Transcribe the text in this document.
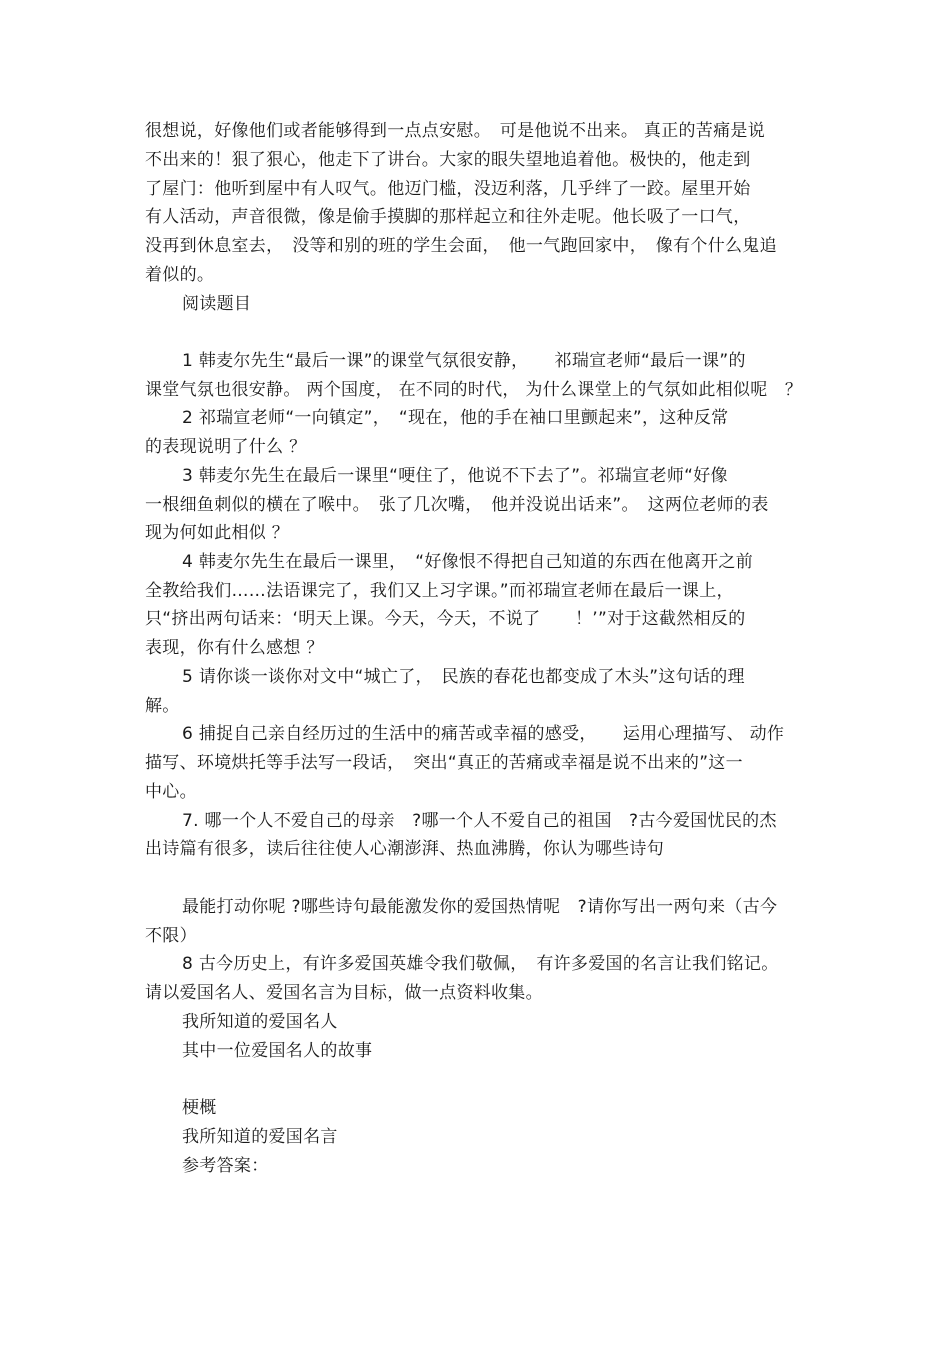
很想说，好像他们或者能够得到一点点安慰。　可是他说不出来。 真正的苦痛是说
不出来的！狠了狠心，他走下了讲台。大家的眼失望地追着他。极快的，他走到
了屋门：他听到屋中有人叹气。他迈门槛，没迈利落，几乎绊了一跤。屋里开始
有人活动，声音很微，像是偷手摸脚的那样起立和往外走呢。他长吸了一口气，
没再到休息室去，　没等和别的班的学生会面，　他一气跑回家中，　像有个什么鬼追
着似的。
阅读题目
1 韩麦尔先生“最后一课”的课堂气氛很安静，　　祁瑞宣老师“最后一课”的
课堂气氛也很安静。 两个国度， 在不同的时代， 为什么课堂上的气氛如此相似呢　？
2 祁瑞宣老师“一向镇定”，　“现在，他的手在袖口里颤起来”，这种反常
的表现说明了什么 ？
3 韩麦尔先生在最后一课里“哽住了，他说不下去了”。祁瑞宣老师“好像
一根细鱼刺似的横在了喉中。　张了几次嘴，　他并没说出话来”。　这两位老师的表
现为何如此相似 ？
4 韩麦尔先生在最后一课里，　“好像恨不得把自己知道的东西在他离开之前
全教给我们……法语课完了，我们又上习字课。”而祁瑞宣老师在最后一课上，
只“挤出两句话来：‘明天上课。今天，今天，不说了　　！’”对于这截然相反的
表现，你有什么感想 ？
5 请你谈一谈你对文中“城亡了，　民族的春花也都变成了木头”这句话的理
解。
6 捕捉自己亲自经历过的生活中的痛苦或幸福的感受，　　运用心理描写、 动作
描写、环境烘托等手法写一段话，　突出“真正的苦痛或幸福是说不出来的”这一
中心。
7. 哪一个人不爱自己的母亲　?哪一个人不爱自己的祖国　?古今爱国忧民的杰
出诗篇有很多，读后往往使人心潮澎湃、热血沸腾，你认为哪些诗句
最能打动你呢 ?哪些诗句最能激发你的爱国热情呢　?请你写出一两句来（古今
不限）
8 古今历史上，有许多爱国英雄令我们敬佩，　有许多爱国的名言让我们铭记。
请以爱国名人、爱国名言为目标，做一点资料收集。
我所知道的爱国名人
其中一位爱国名人的故事
梗概
我所知道的爱国名言
参考答案：
